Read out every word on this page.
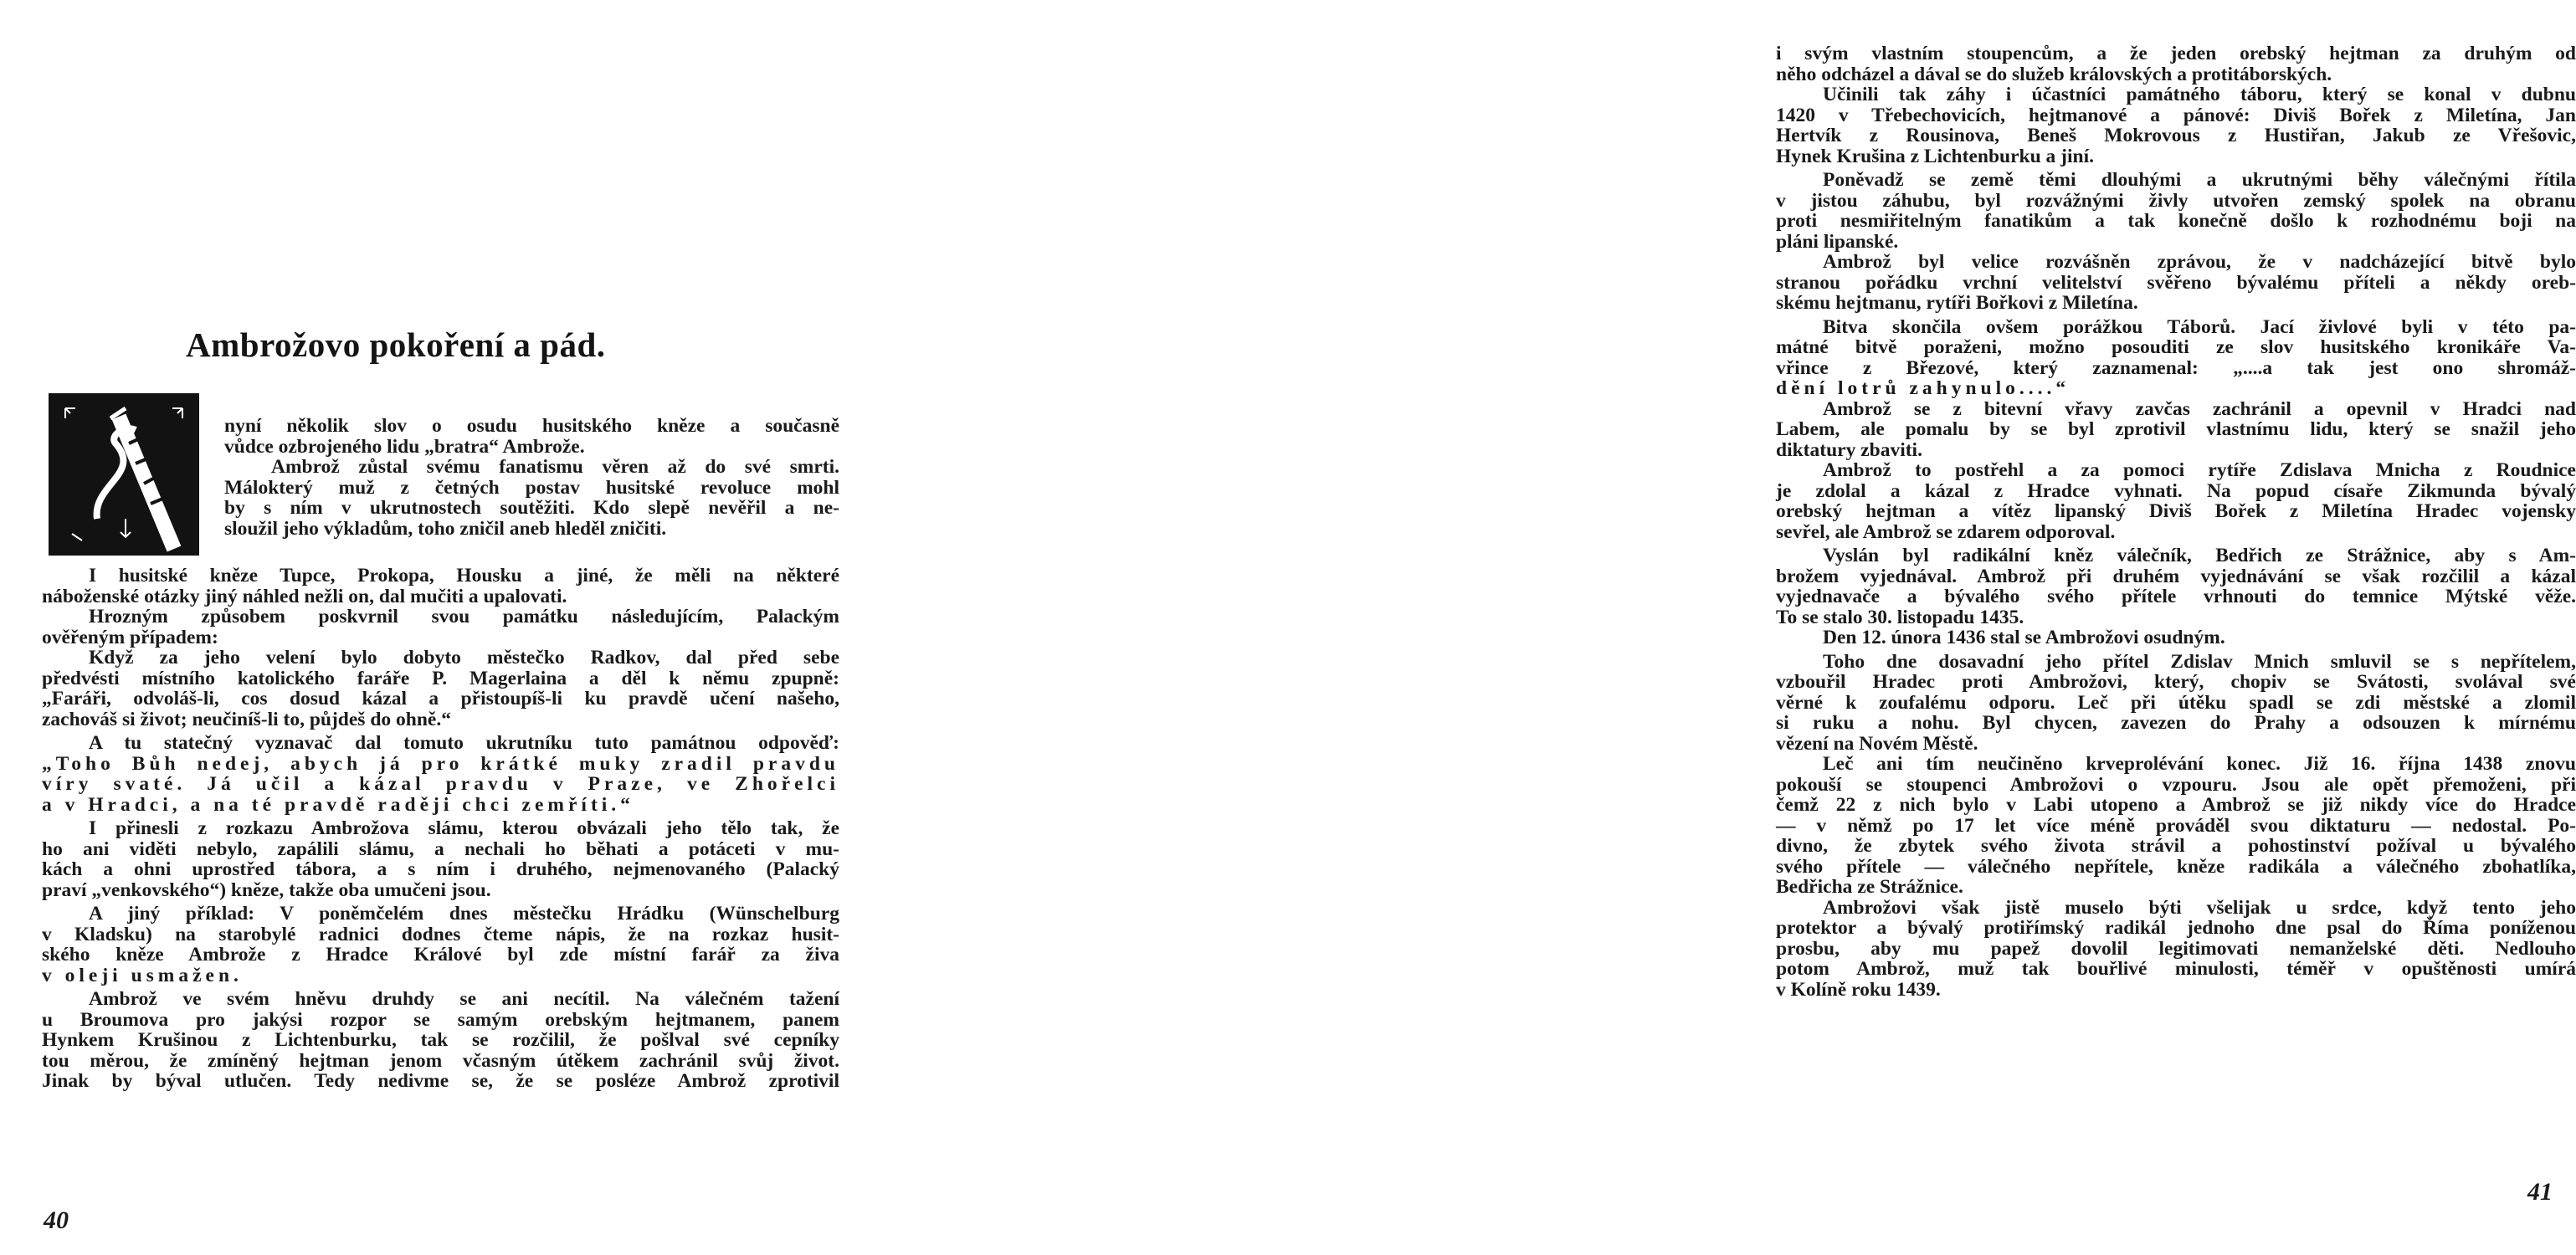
Ambrožovo pokoření a pád.
nyní několik slov o osudu husitského kněze a současně
vůdce ozbrojeného lidu „bratra“ Ambrože.
Ambrož zůstal svému fanatismu věren až do své smrti.
Málokterý muž z četných postav husitské revoluce mohl
by s ním v ukrutnostech soutěžiti. Kdo slepě nevěřil a ne-
sloužil jeho výkladům, toho zničil aneb hleděl zničiti.
I husitské kněze Tupce, Prokopa, Housku a jiné, že měli na některé
náboženské otázky jiný náhled nežli on, dal mučiti a upalovati.
Hrozným způsobem poskvrnil svou památku následujícím, Palackým
ověřeným případem:
Když za jeho velení bylo dobyto městečko Radkov, dal před sebe
předvésti místního katolického faráře P. Magerlaina a děl k němu zpupně:
„Faráři, odvoláš-li, cos dosud kázal a přistoupíš-li ku pravdě učení našeho,
zachováš si život; neučiníš-li to, půjdeš do ohně.“
A tu statečný vyznavač dal tomuto ukrutníku tuto památnou odpověď:
„Toho Bůh nedej, abych já pro krátké muky zradil pravdu
víry svaté. Já učil a kázal pravdu v Praze, ve Zhořelci
a v Hradci, a na té pravdě raději chci zemříti.“
I přinesli z rozkazu Ambrožova slámu, kterou obvázali jeho tělo tak, že
ho ani viděti nebylo, zapálili slámu, a nechali ho běhati a potáceti v mu-
kách a ohni uprostřed tábora, a s ním i druhého, nejmenovaného (Palacký
praví „venkovského“) kněze, takže oba umučeni jsou.
A jiný příklad: V poněmčelém dnes městečku Hrádku (Wünschelburg
v Kladsku) na starobylé radnici dodnes čteme nápis, že na rozkaz husit-
ského kněze Ambrože z Hradce Králové byl zde místní farář za živa
v oleji usmažen.
Ambrož ve svém hněvu druhdy se ani necítil. Na válečném tažení
u Broumova pro jakýsi rozpor se samým orebským hejtmanem, panem
Hynkem Krušinou z Lichtenburku, tak se rozčilil, že pošlval své cepníky
tou měrou, že zmíněný hejtman jenom včasným útěkem zachránil svůj život.
Jinak by býval utlučen. Tedy nedivme se, že se posléze Ambrož zprotivil
40
i svým vlastním stoupencům, a že jeden orebský hejtman za druhým od
něho odcházel a dával se do služeb královských a protitáborských.
Učinili tak záhy i účastníci památného táboru, který se konal v dubnu
1420 v Třebechovicích, hejtmanové a pánové: Diviš Bořek z Miletína, Jan
Hertvík z Rousinova, Beneš Mokrovous z Hustiřan, Jakub ze Vřešovic,
Hynek Krušina z Lichtenburku a jiní.
Poněvadž se země těmi dlouhými a ukrutnými běhy válečnými řítila
v jistou záhubu, byl rozvážnými živly utvořen zemský spolek na obranu
proti nesmiřitelným fanatikům a tak konečně došlo k rozhodnému boji na
pláni lipanské.
Ambrož byl velice rozvášněn zprávou, že v nadcházející bitvě bylo
stranou pořádku vrchní velitelství svěřeno bývalému příteli a někdy oreb-
skému hejtmanu, rytíři Bořkovi z Miletína.
Bitva skončila ovšem porážkou Táborů. Jací živlové byli v této pa-
mátné bitvě poraženi, možno posouditi ze slov husitského kronikáře Va-
vřince z Březové, který zaznamenal: „....a tak jest ono shromáž-
dění lotrů zahynulo....“
Ambrož se z bitevní vřavy zavčas zachránil a opevnil v Hradci nad
Labem, ale pomalu by se byl zprotivil vlastnímu lidu, který se snažil jeho
diktatury zbaviti.
Ambrož to postřehl a za pomoci rytíře Zdislava Mnicha z Roudnice
je zdolal a kázal z Hradce vyhnati. Na popud císaře Zikmunda bývalý
orebský hejtman a vítěz lipanský Diviš Bořek z Miletína Hradec vojensky
sevřel, ale Ambrož se zdarem odporoval.
Vyslán byl radikální kněz válečník, Bedřich ze Strážnice, aby s Am-
brožem vyjednával. Ambrož při druhém vyjednávání se však rozčilil a kázal
vyjednavače a bývalého svého přítele vrhnouti do temnice Mýtské věže.
To se stalo 30. listopadu 1435.
Den 12. února 1436 stal se Ambrožovi osudným.
Toho dne dosavadní jeho přítel Zdislav Mnich smluvil se s nepřítelem,
vzbouřil Hradec proti Ambrožovi, který, chopiv se Svátosti, svolával své
věrné k zoufalému odporu. Leč při útěku spadl se zdi městské a zlomil
si ruku a nohu. Byl chycen, zavezen do Prahy a odsouzen k mírnému
vězení na Novém Městě.
Leč ani tím neučiněno krveprolévání konec. Již 16. října 1438 znovu
pokouší se stoupenci Ambrožovi o vzpouru. Jsou ale opět přemoženi, při
čemž 22 z nich bylo v Labi utopeno a Ambrož se již nikdy více do Hradce
— v němž po 17 let více méně prováděl svou diktaturu — nedostal. Po-
divno, že zbytek svého života strávil a pohostinství požíval u bývalého
svého přítele — válečného nepřítele, kněze radikála a válečného zbohatlíka,
Bedřicha ze Strážnice.
Ambrožovi však jistě muselo býti všelijak u srdce, když tento jeho
protektor a bývalý protiřímský radikál jednoho dne psal do Říma poníženou
prosbu, aby mu papež dovolil legitimovati nemanželské děti. Nedlouho
potom Ambrož, muž tak bouřlivé minulosti, téměř v opuštěnosti umírá
v Kolíně roku 1439.
41
